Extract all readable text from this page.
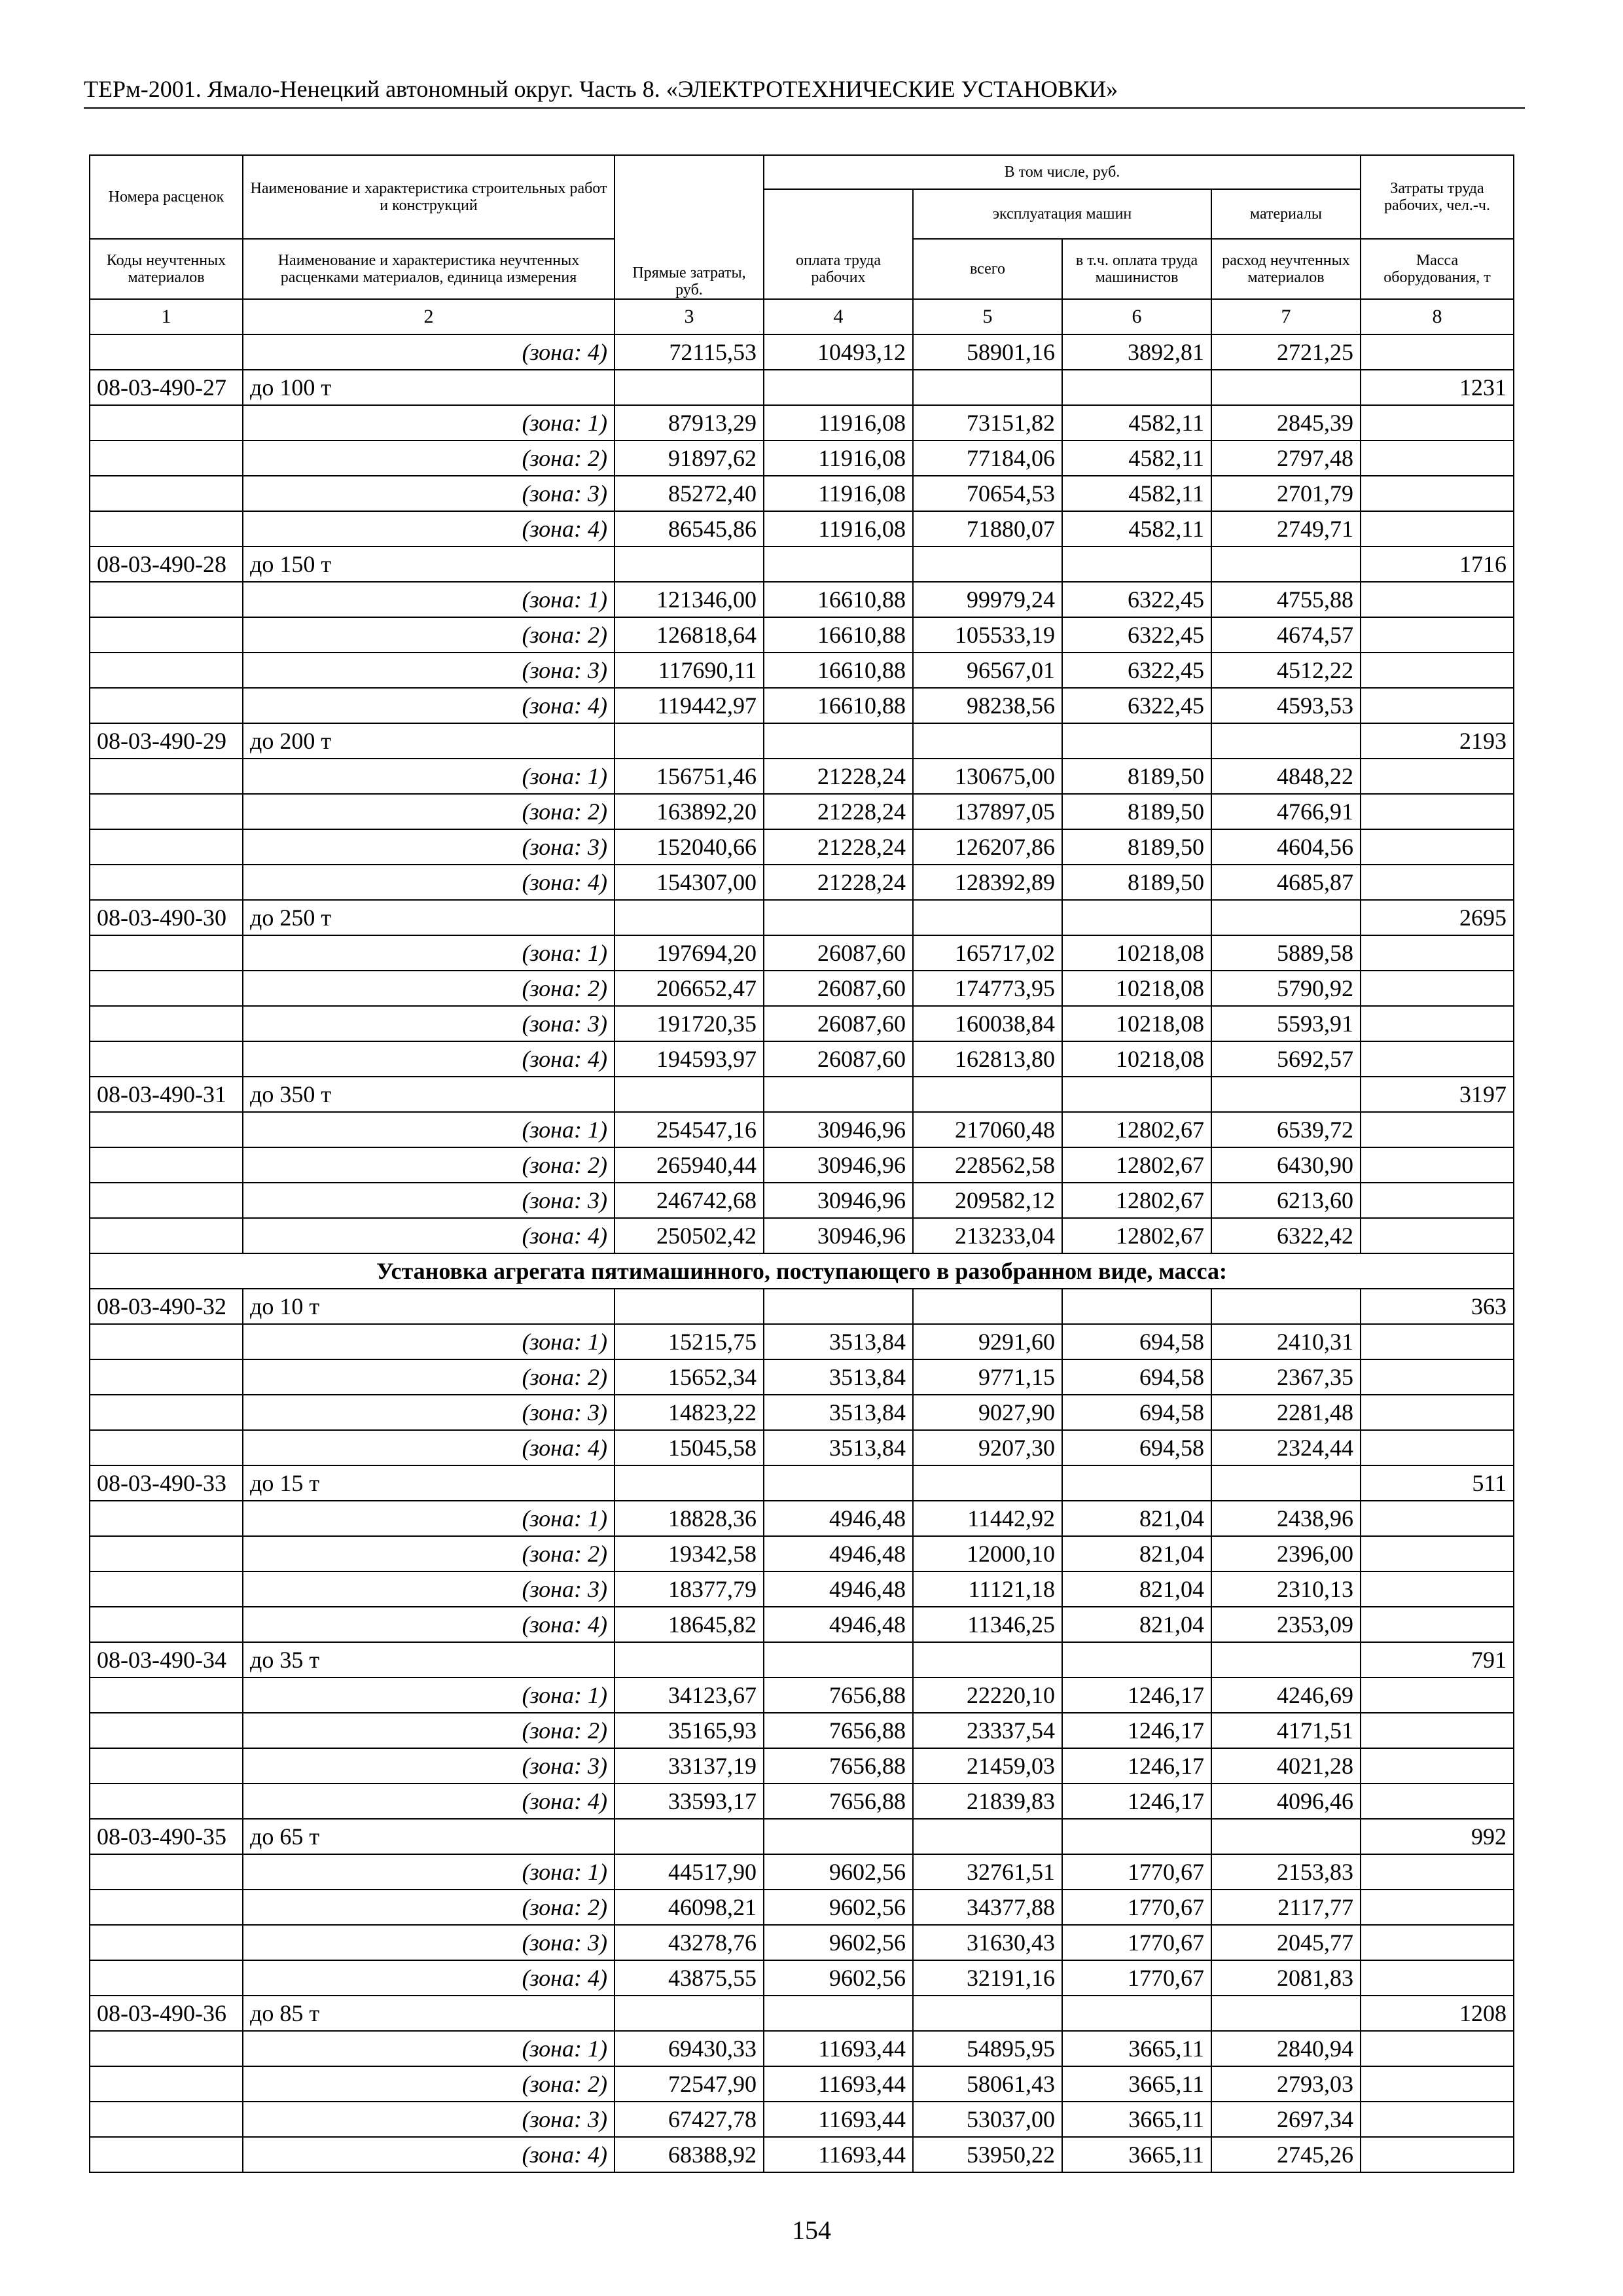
ТЕРм-2001. Ямало-Ненецкий автономный округ. Часть 8. «ЭЛЕКТРОТЕХНИЧЕСКИЕ УСТАНОВКИ»
Номера расценок	Наименование и характеристика строительных работ и конструкций	Прямые затраты, руб.	В том числе, руб.				Затраты труда рабочих, чел.-ч.
				эксплуатация машин		материалы	
Коды неучтенных материалов	Наименование и характеристика неучтенных расценками материалов, единица измерения		оплата труда рабочих	всего	в т.ч. оплата труда машинистов	расход неучтенных материалов	Масса оборудования, т
1	2	3	4	5	6	7	8
	(зона: 4)	72115,53	10493,12	58901,16	3892,81	2721,25	
08-03-490-27	до 100 т						1231
	(зона: 1)	87913,29	11916,08	73151,82	4582,11	2845,39	
	(зона: 2)	91897,62	11916,08	77184,06	4582,11	2797,48	
	(зона: 3)	85272,40	11916,08	70654,53	4582,11	2701,79	
	(зона: 4)	86545,86	11916,08	71880,07	4582,11	2749,71	
08-03-490-28	до 150 т						1716
	(зона: 1)	121346,00	16610,88	99979,24	6322,45	4755,88	
	(зона: 2)	126818,64	16610,88	105533,19	6322,45	4674,57	
	(зона: 3)	117690,11	16610,88	96567,01	6322,45	4512,22	
	(зона: 4)	119442,97	16610,88	98238,56	6322,45	4593,53	
08-03-490-29	до 200 т						2193
	(зона: 1)	156751,46	21228,24	130675,00	8189,50	4848,22	
	(зона: 2)	163892,20	21228,24	137897,05	8189,50	4766,91	
	(зона: 3)	152040,66	21228,24	126207,86	8189,50	4604,56	
	(зона: 4)	154307,00	21228,24	128392,89	8189,50	4685,87	
08-03-490-30	до 250 т						2695
	(зона: 1)	197694,20	26087,60	165717,02	10218,08	5889,58	
	(зона: 2)	206652,47	26087,60	174773,95	10218,08	5790,92	
	(зона: 3)	191720,35	26087,60	160038,84	10218,08	5593,91	
	(зона: 4)	194593,97	26087,60	162813,80	10218,08	5692,57	
08-03-490-31	до 350 т						3197
	(зона: 1)	254547,16	30946,96	217060,48	12802,67	6539,72	
	(зона: 2)	265940,44	30946,96	228562,58	12802,67	6430,90	
	(зона: 3)	246742,68	30946,96	209582,12	12802,67	6213,60	
	(зона: 4)	250502,42	30946,96	213233,04	12802,67	6322,42	
Установка агрегата пятимашинного, поступающего в разобранном виде, масса:							
08-03-490-32	до 10 т						363
	(зона: 1)	15215,75	3513,84	9291,60	694,58	2410,31	
	(зона: 2)	15652,34	3513,84	9771,15	694,58	2367,35	
	(зона: 3)	14823,22	3513,84	9027,90	694,58	2281,48	
	(зона: 4)	15045,58	3513,84	9207,30	694,58	2324,44	
08-03-490-33	до 15 т						511
	(зона: 1)	18828,36	4946,48	11442,92	821,04	2438,96	
	(зона: 2)	19342,58	4946,48	12000,10	821,04	2396,00	
	(зона: 3)	18377,79	4946,48	11121,18	821,04	2310,13	
	(зона: 4)	18645,82	4946,48	11346,25	821,04	2353,09	
08-03-490-34	до 35 т						791
	(зона: 1)	34123,67	7656,88	22220,10	1246,17	4246,69	
	(зона: 2)	35165,93	7656,88	23337,54	1246,17	4171,51	
	(зона: 3)	33137,19	7656,88	21459,03	1246,17	4021,28	
	(зона: 4)	33593,17	7656,88	21839,83	1246,17	4096,46	
08-03-490-35	до 65 т						992
	(зона: 1)	44517,90	9602,56	32761,51	1770,67	2153,83	
	(зона: 2)	46098,21	9602,56	34377,88	1770,67	2117,77	
	(зона: 3)	43278,76	9602,56	31630,43	1770,67	2045,77	
	(зона: 4)	43875,55	9602,56	32191,16	1770,67	2081,83	
08-03-490-36	до 85 т						1208
	(зона: 1)	69430,33	11693,44	54895,95	3665,11	2840,94	
	(зона: 2)	72547,90	11693,44	58061,43	3665,11	2793,03	
	(зона: 3)	67427,78	11693,44	53037,00	3665,11	2697,34	
	(зона: 4)	68388,92	11693,44	53950,22	3665,11	2745,26	
154
